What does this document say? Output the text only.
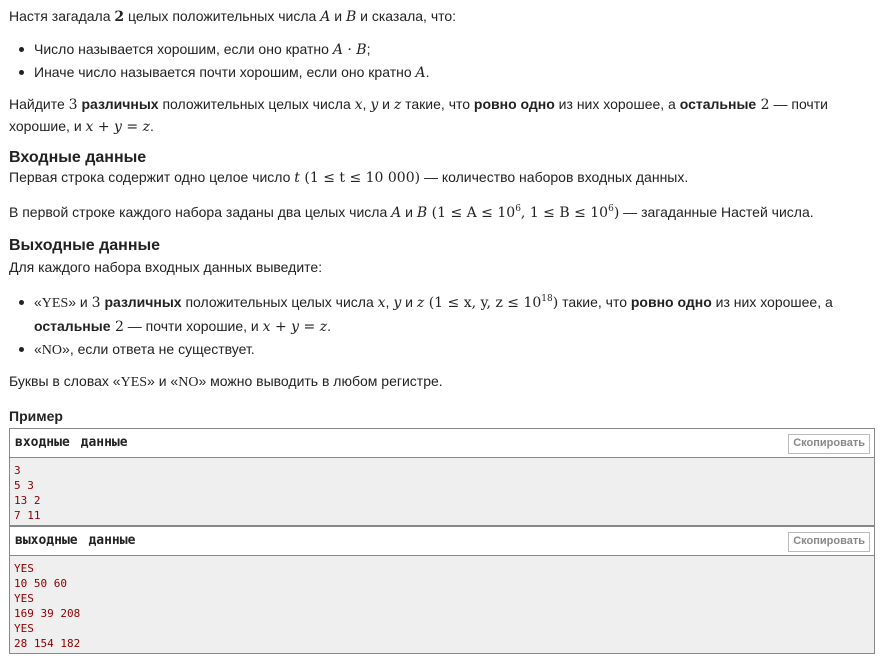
Настя загадала 2 целых положительных числа A и B и сказала, что:
Число называется хорошим, если оно кратно A · B;
Иначе число называется почти хорошим, если оно кратно A.
Найдите 3 различных положительных целых числа x, y и z такие, что ровно одно из них хорошее, а остальные 2 — почти
хорошие, и x + y = z.
Входные данные
Первая строка содержит одно целое число t (1 ≤ t ≤ 10 000) — количество наборов входных данных.
В первой строке каждого набора заданы два целых числа A и B ($1 \le A \le 10^6$, $1 \le B \le 10^6$) — загаданные Настей числа.
Выходные данные
Для каждого набора входных данных выведите:
«YES» и 3 различных положительных целых числа x, y и z (1 ≤ x, y, $z \le 10^{18}$) такие, что ровно одно из них хорошее, а
остальные 2 — почти хорошие, и x + y = z.
«NO», если ответа не существует.
Буквы в словах «YES» и «NO» можно выводить в любом регистре.
Пример
входные данные	Скопировать
3
5 3
13 2
7 11
выходные данные	Скопировать
YES
10 50 60
YES
169 39 208
YES
28 154 182
